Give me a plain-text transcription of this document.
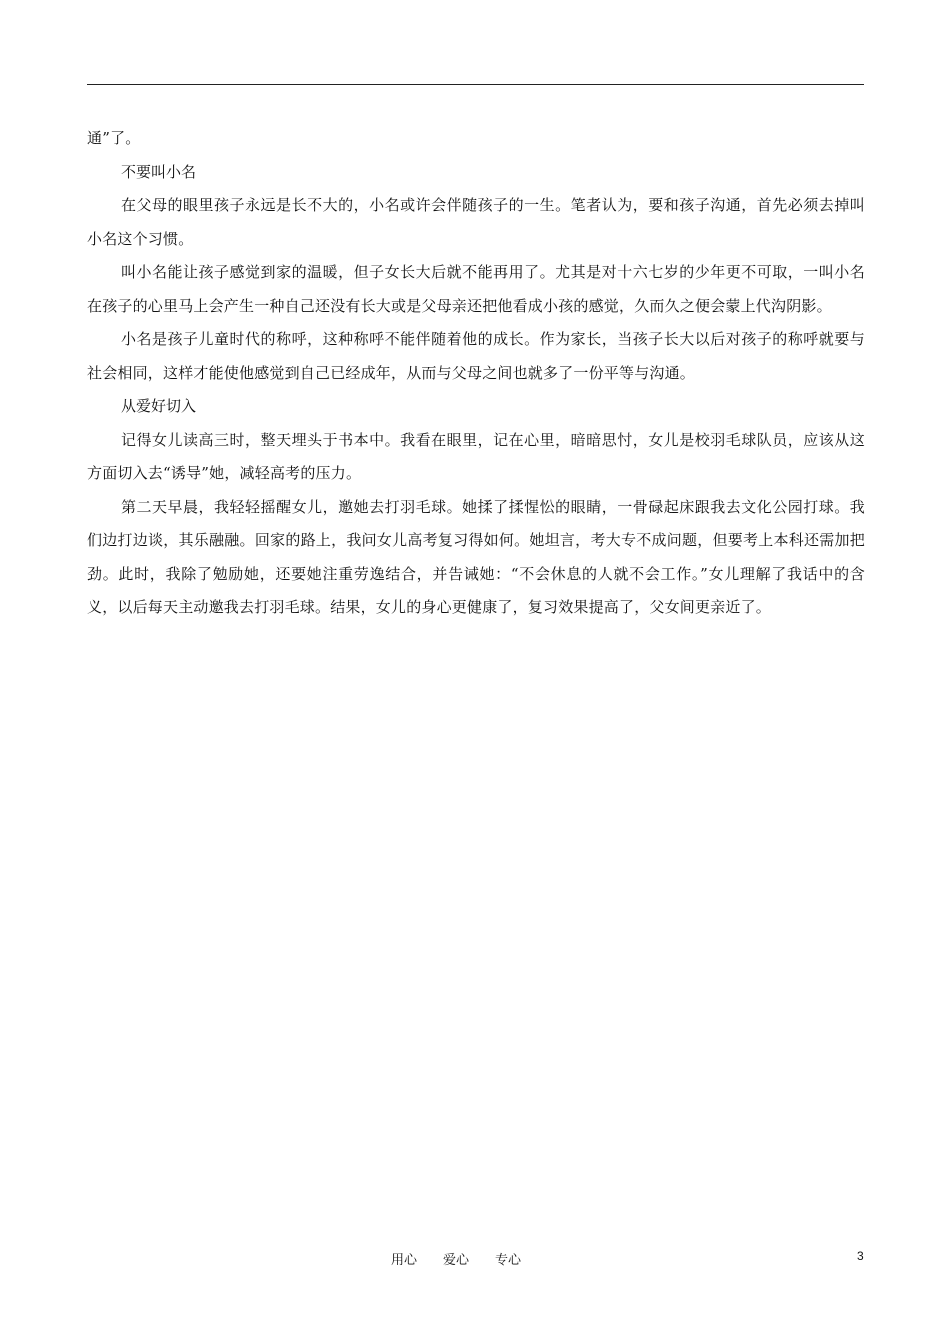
通”了。

不要叫小名

在父母的眼里孩子永远是长不大的，小名或许会伴随孩子的一生。笔者认为，要和孩子沟通，首先必须去掉叫小名这个习惯。

叫小名能让孩子感觉到家的温暖，但子女长大后就不能再用了。尤其是对十六七岁的少年更不可取，一叫小名在孩子的心里马上会产生一种自己还没有长大或是父母亲还把他看成小孩的感觉，久而久之便会蒙上代沟阴影。

小名是孩子儿童时代的称呼，这种称呼不能伴随着他的成长。作为家长，当孩子长大以后对孩子的称呼就要与社会相同，这样才能使他感觉到自己已经成年，从而与父母之间也就多了一份平等与沟通。

从爱好切入

记得女儿读高三时，整天埋头于书本中。我看在眼里，记在心里，暗暗思忖，女儿是校羽毛球队员，应该从这方面切入去“诱导”她，减轻高考的压力。

第二天早晨，我轻轻摇醒女儿，邀她去打羽毛球。她揉了揉惺忪的眼睛，一骨碌起床跟我去文化公园打球。我们边打边谈，其乐融融。回家的路上，我问女儿高考复习得如何。她坦言，考大专不成问题，但要考上本科还需加把劲。此时，我除了勉励她，还要她注重劳逸结合，并告诫她：“不会休息的人就不会工作。”女儿理解了我话中的含义，以后每天主动邀我去打羽毛球。结果，女儿的身心更健康了，复习效果提高了，父女间更亲近了。

用心　　爱心　　专心	3
